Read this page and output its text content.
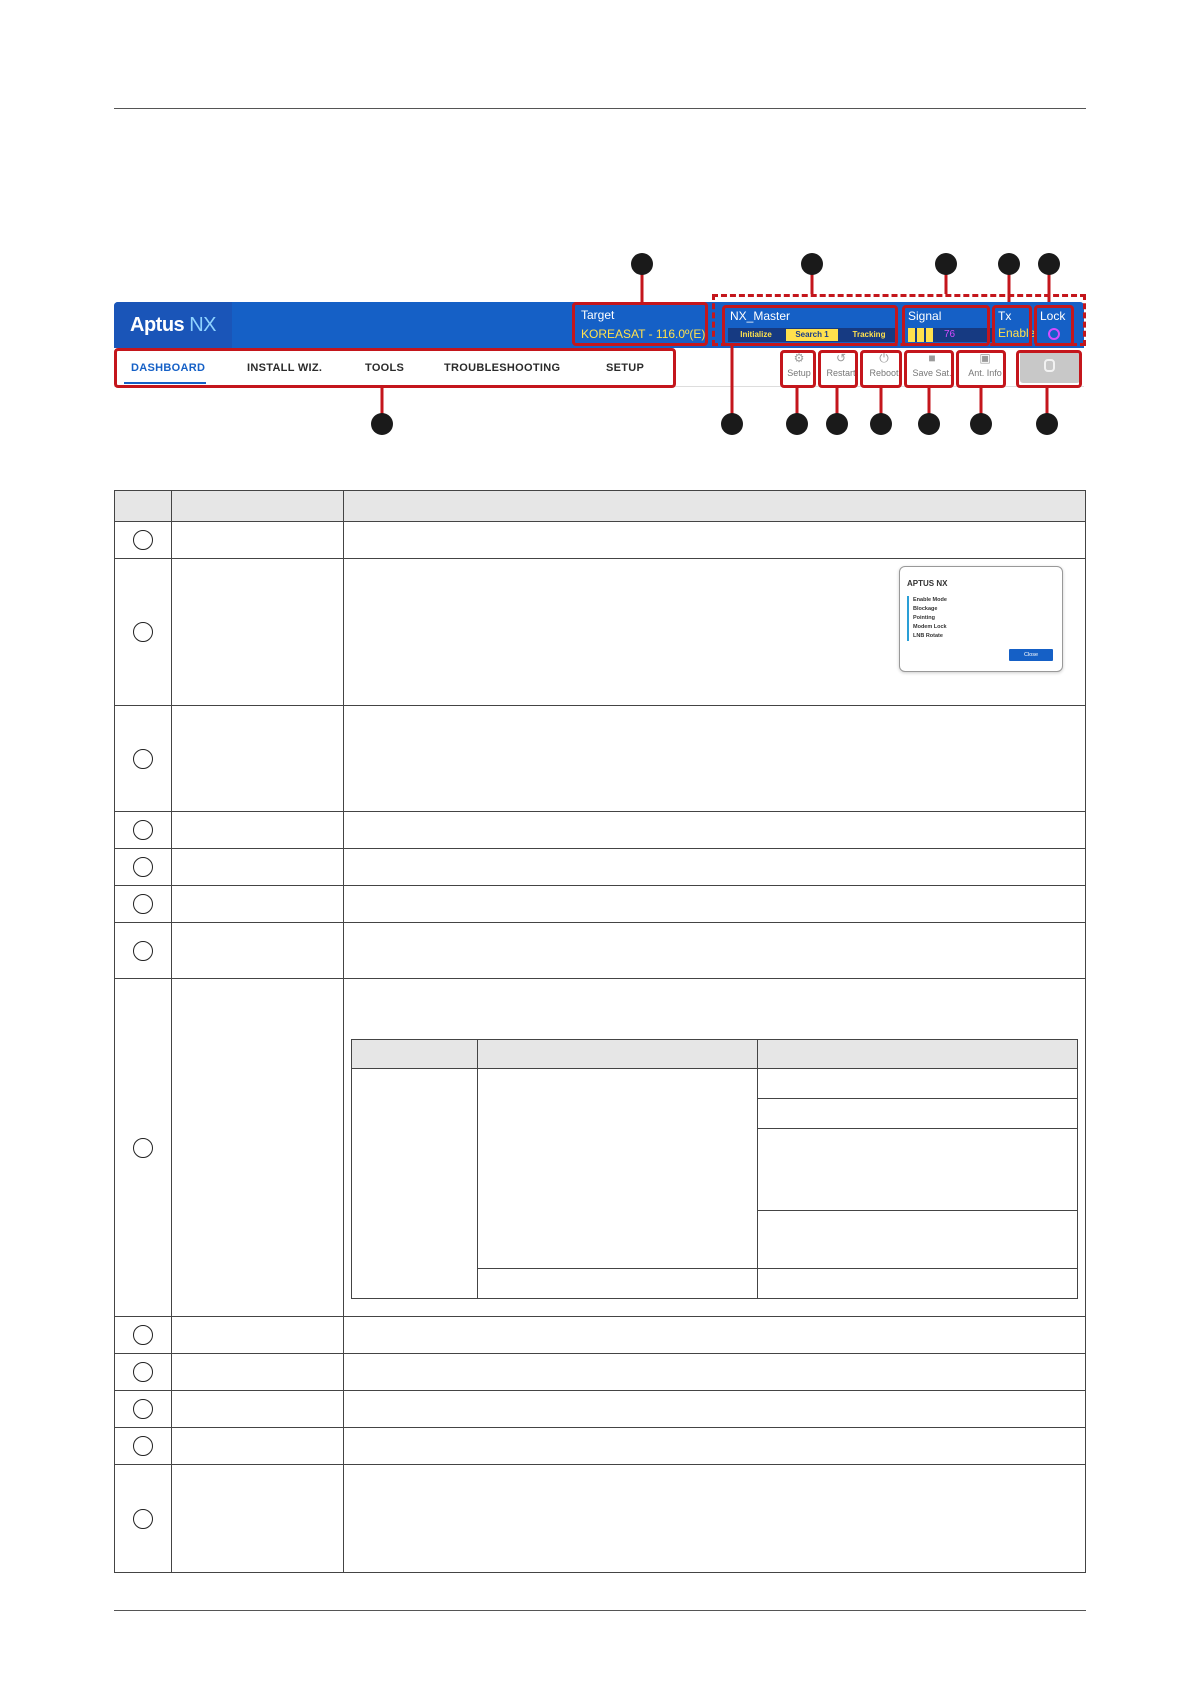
Aptus NX	Target
KOREASAT - 116.0º(E)
NX_Master
Initialize	Search 1	Tracking
Signal
76
Tx
Enable
Lock
DASHBOARD	INSTALL WIZ.	TOOLS	TROUBLESHOOTING	SETUP
⚙
Setup
↺
Restart
⏻
Reboot
■
Save Sat.
▣
Ant. Info

APTUS NX
Enable Mode
Blockage
Pointing
Modem Lock
LNB Rotate
Close
